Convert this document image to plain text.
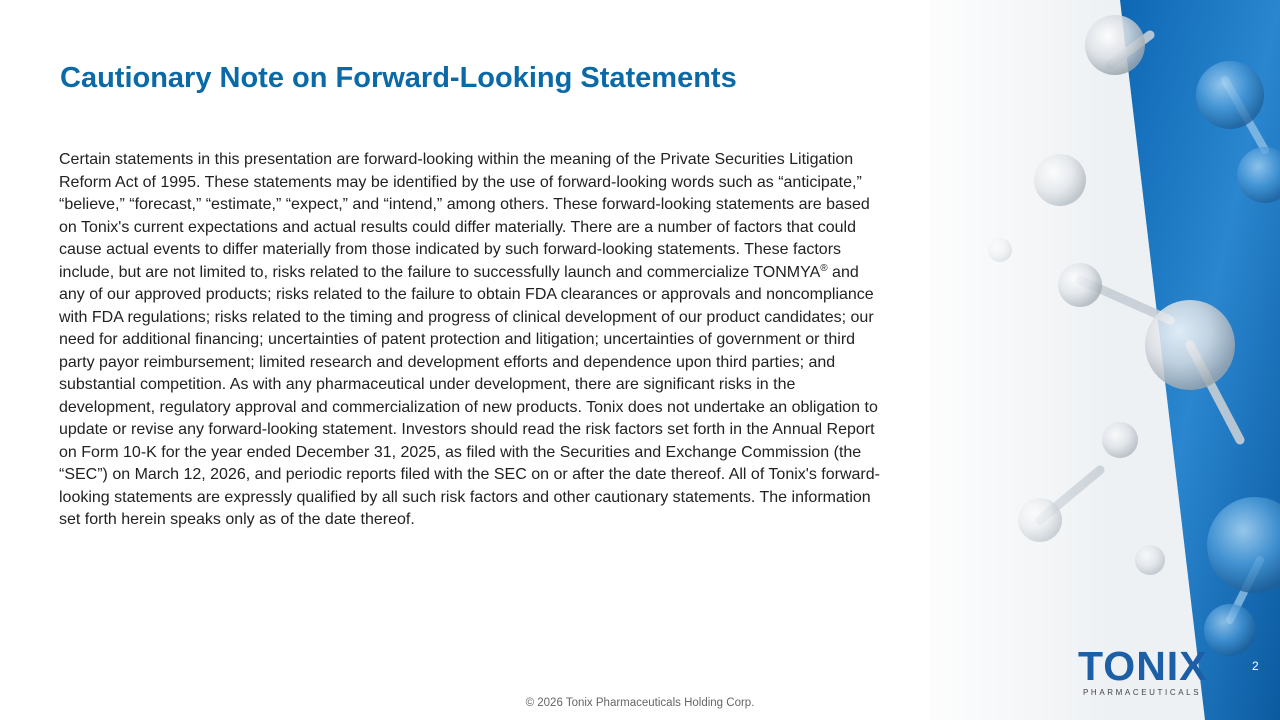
Cautionary Note on Forward-Looking Statements
Certain statements in this presentation are forward-looking within the meaning of the Private Securities Litigation
Reform Act of 1995. These statements may be identified by the use of forward-looking words such as “anticipate,”
“believe,” “forecast,” “estimate,” “expect,” and “intend,” among others. These forward-looking statements are based
on Tonix's current expectations and actual results could differ materially. There are a number of factors that could
cause actual events to differ materially from those indicated by such forward-looking statements. These factors
include, but are not limited to, risks related to the failure to successfully launch and commercialize TONMYA® and
any of our approved products; risks related to the failure to obtain FDA clearances or approvals and noncompliance
with FDA regulations; risks related to the timing and progress of clinical development of our product candidates; our
need for additional financing; uncertainties of patent protection and litigation; uncertainties of government or third
party payor reimbursement; limited research and development efforts and dependence upon third parties; and
substantial competition. As with any pharmaceutical under development, there are significant risks in the
development, regulatory approval and commercialization of new products. Tonix does not undertake an obligation to
update or revise any forward-looking statement. Investors should read the risk factors set forth in the Annual Report
on Form 10-K for the year ended December 31, 2025, as filed with the Securities and Exchange Commission (the
“SEC”) on March 12, 2026, and periodic reports filed with the SEC on or after the date thereof. All of Tonix's forward-
looking statements are expressly qualified by all such risk factors and other cautionary statements. The information
set forth herein speaks only as of the date thereof.
TONIX
PHARMACEUTICALS
2
© 2026 Tonix Pharmaceuticals Holding Corp.
